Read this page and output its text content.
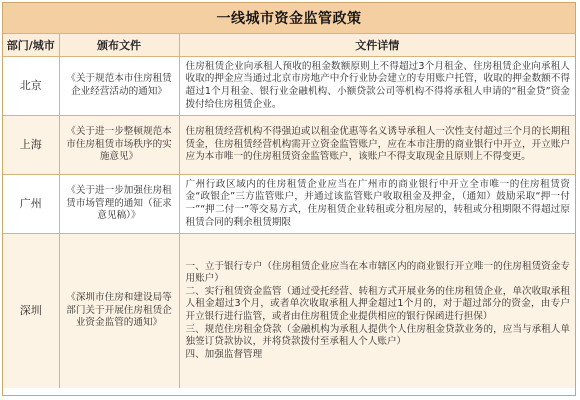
一线城市资金监管政策
部门/城市	颁布文件	文件详情
北京	《关于规范本市住房租赁企业经营活动的通知》	住房租赁企业向承租人预收的租金数额原则上不得超过3个月租金、住房租赁企业向承租人收取的押金应当通过北京市房地产中介行业协会建立的专用账户托管，收取的押金数额不得超过1个月租金、银行业金融机构、小额贷款公司等机构不得将承租人申请的“租金贷”资金拨付给住房租赁企业。

上海	《关于进一步整顿规范本市住房租赁市场秩序的实施意见》	住房租赁经营机构不得强迫或以租金优惠等名义诱导承租人一次性支付超过三个月的长期租赁金，住房租赁经营机构需开立资金监管账户，应在本市注册的商业银行中开立，开立账户应为本市唯一的住房租赁资金监管账户，该账户不得支取现金且原则上不得变更。

广州	《关于进一步加强住房租赁市场管理的通知（征求意见稿）》	广州行政区域内的住房租赁企业应当在广州市的商业银行中开立全市唯一的住房租赁资金“政银企”三方监管账户，并通过该监管账户收取租金及押金，（通知）鼓励采取“押一付一”“押二付一”等交易方式，住房租赁企业转租或分租房屋的，转租或分租期限不得超过原租赁合同的剩余租赁期限

深圳	《深圳市住房和建设局等部门关于开展住房租赁企业资金监管的通知》	一、立于银行专户（住房租赁企业应当在本市辖区内的商业银行开立唯一的住房租赁资金专用账户）
二、实行租赁资金监管（通过受托经营、转租方式开展业务的住房租赁企业，单次收取承租人租金超过3个月，或者单次收取承租人押金超过1个月的，对于超过部分的资金，由专户开立银行进行监管，或者由住房租赁企业提供相应的银行保函进行担保）
三、规范住房租金贷款（金融机构为承租人提供个人住房租金贷款业务的，应当与承租人单独签订贷款协议，并将贷款拨付至承租人个人账户）
四、加强监督管理
